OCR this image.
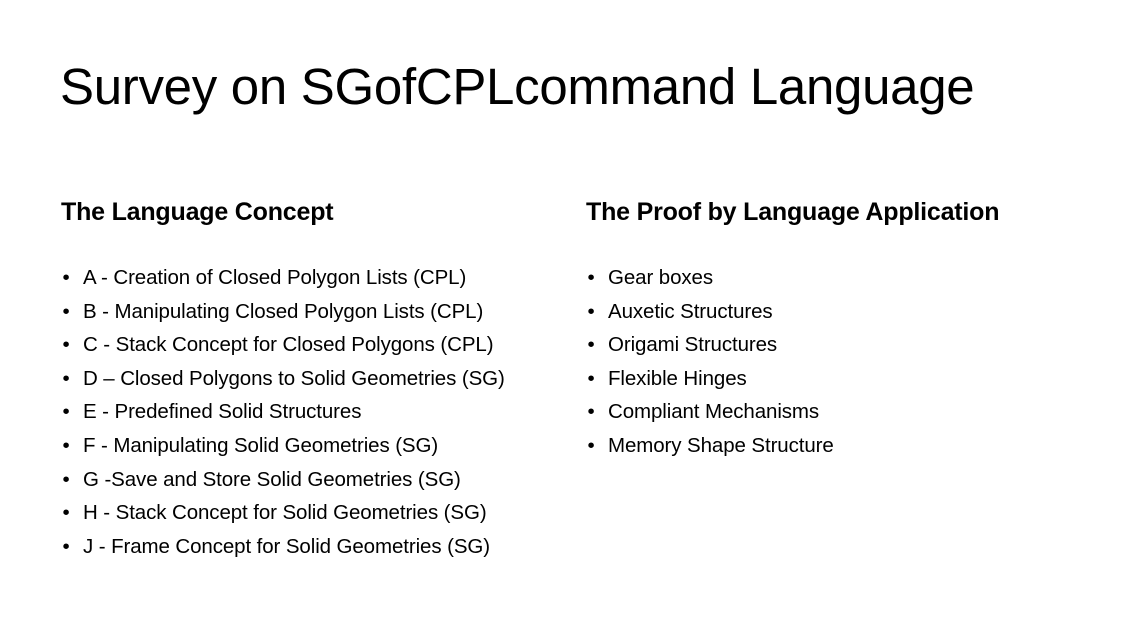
Survey on SGofCPLcommand Language
The Language Concept
• A - Creation of Closed Polygon Lists (CPL)
• B - Manipulating Closed Polygon Lists (CPL)
• C - Stack Concept for Closed Polygons (CPL)
• D – Closed Polygons to Solid Geometries (SG)
• E - Predefined Solid Structures
• F - Manipulating Solid Geometries (SG)
• G -Save and Store Solid Geometries (SG)
• H - Stack Concept for Solid Geometries (SG)
• J - Frame Concept for Solid Geometries (SG)
The Proof by Language Application
• Gear boxes
• Auxetic Structures
• Origami Structures
• Flexible Hinges
• Compliant Mechanisms
• Memory Shape Structure
